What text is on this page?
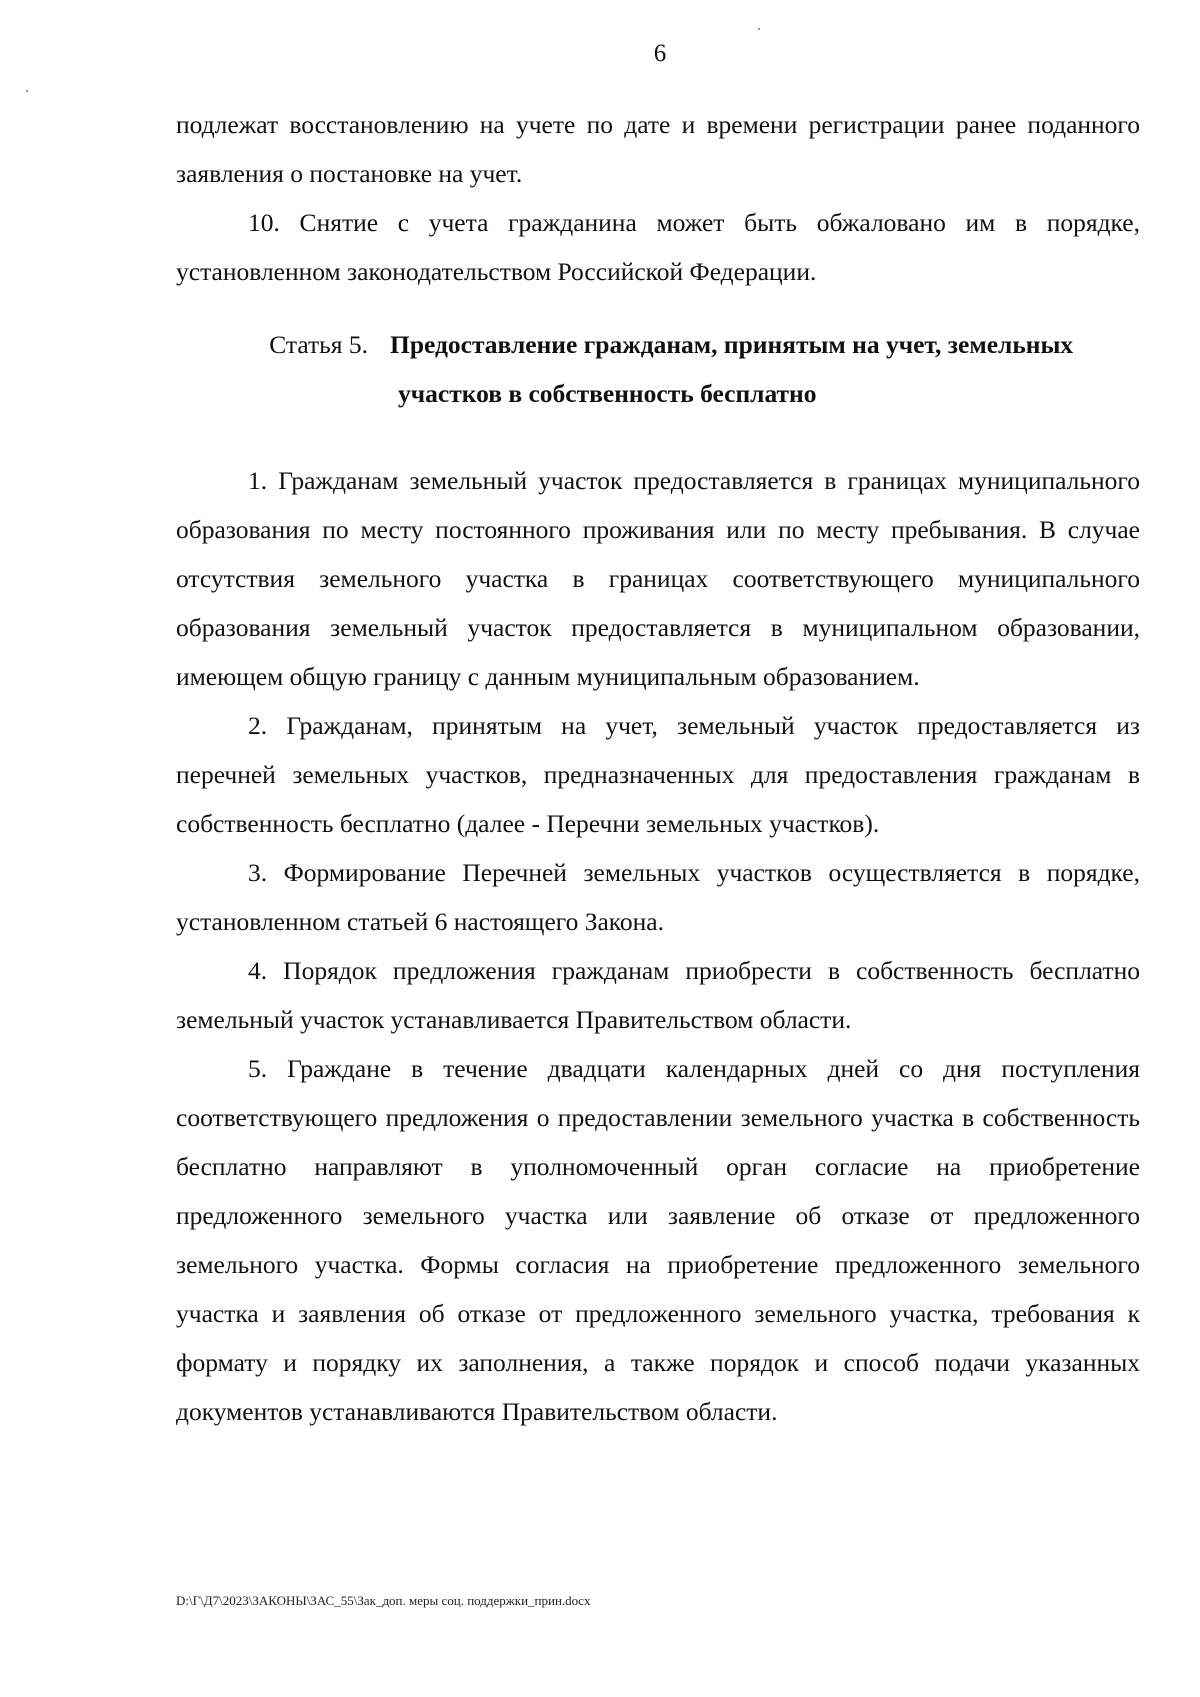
6

подлежат восстановлению на учете по дате и времени регистрации ранее поданного заявления о постановке на учет.

10. Снятие с учета гражданина может быть обжаловано им в порядке, установленном законодательством Российской Федерации.

Статья 5. Предоставление гражданам, принятым на учет, земельных
участков в собственность бесплатно

1. Гражданам земельный участок предоставляется в границах муниципального образования по месту постоянного проживания или по месту пребывания. В случае отсутствия земельного участка в границах соответствующего муниципального образования земельный участок предоставляется в муниципальном образовании, имеющем общую границу с данным муниципальным образованием.

2. Гражданам, принятым на учет, земельный участок предоставляется из перечней земельных участков, предназначенных для предоставления гражданам в собственность бесплатно (далее - Перечни земельных участков).

3. Формирование Перечней земельных участков осуществляется в порядке, установленном статьей 6 настоящего Закона.

4. Порядок предложения гражданам приобрести в собственность бесплатно земельный участок устанавливается Правительством области.

5. Граждане в течение двадцати календарных дней со дня поступления соответствующего предложения о предоставлении земельного участка в собственность бесплатно направляют в уполномоченный орган согласие на приобретение предложенного земельного участка или заявление об отказе от предложенного земельного участка. Формы согласия на приобретение предложенного земельного участка и заявления об отказе от предложенного земельного участка, требования к формату и порядку их заполнения, а также порядок и способ подачи указанных документов устанавливаются Правительством области.

D:\Г\Д7\2023\ЗАКОНЫ\ЗАС_55\Зак_доп. меры соц. поддержки_прин.docx
